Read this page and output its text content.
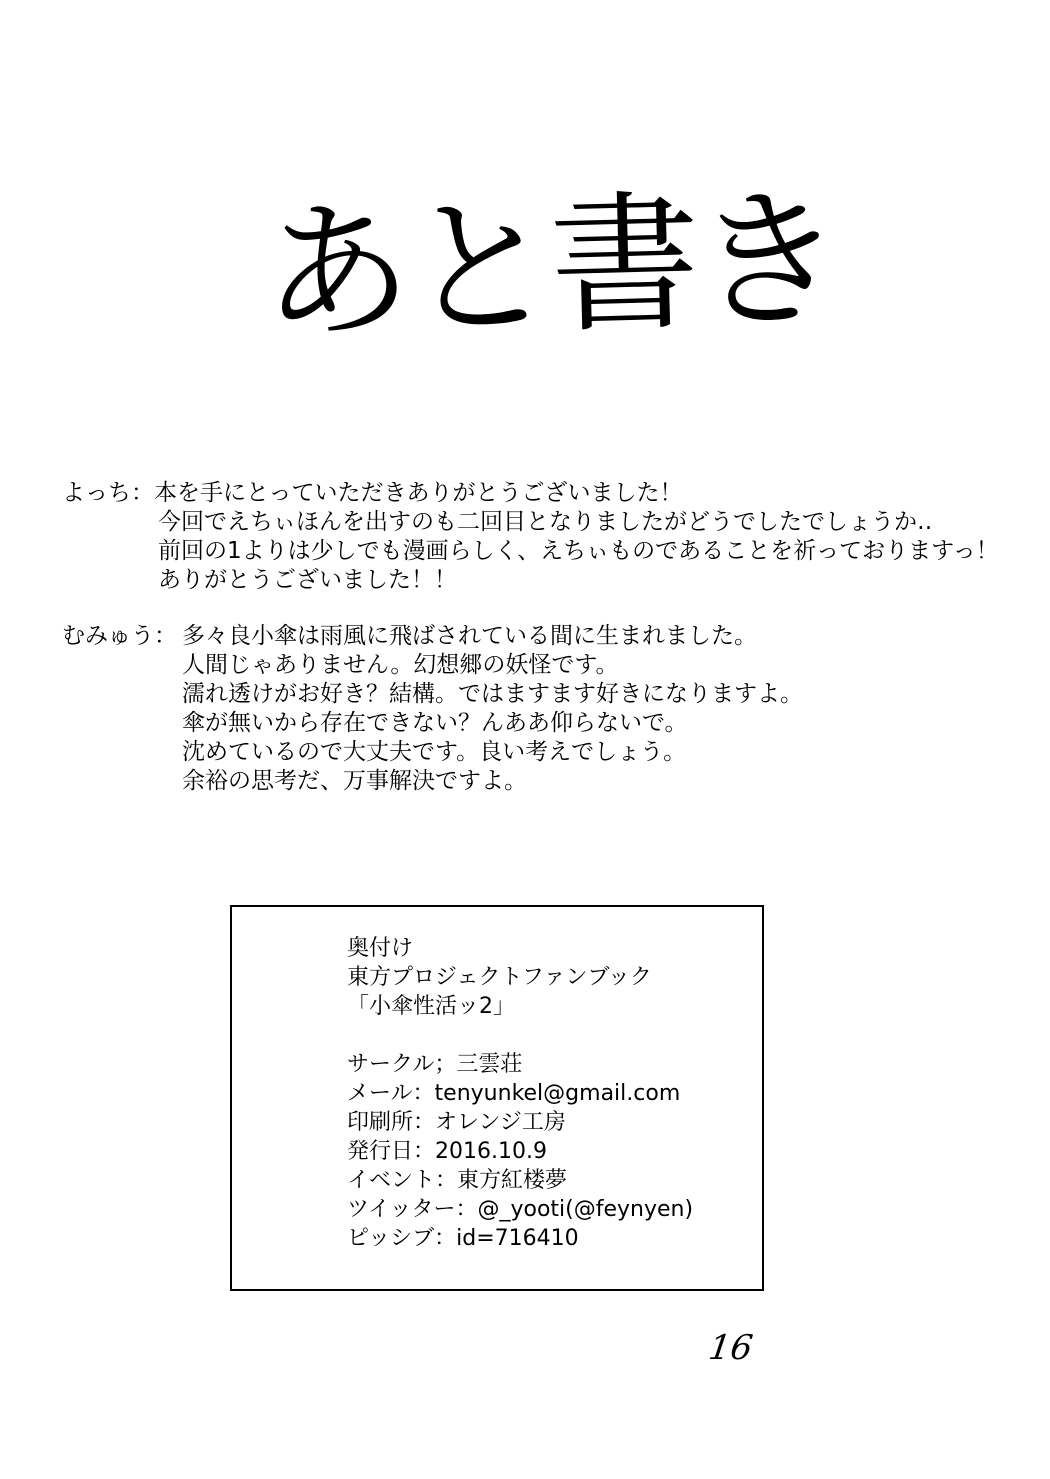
あと書き
よっち： 本を手にとっていただきありがとうございました！
今回でえちぃほんを出すのも二回目となりましたがどうでしたでしょうか‥
前回の1よりは少しでも漫画らしく、えちぃものであることを祈っておりますっ！
ありがとうございました！！
むみゅう： 多々良小傘は雨風に飛ばされている間に生まれました。
人間じゃありません。幻想郷の妖怪です。
濡れ透けがお好き？結構。ではますます好きになりますよ。
傘が無いから存在できない？んああ仰らないで。
沈めているので大丈夫です。良い考えでしょう。
余裕の思考だ、万事解決ですよ。
奥付け
東方プロジェクトファンブック
「小傘性活ッ2」
サークル；三雲荘
メール：tenyunkel@gmail.com
印刷所：オレンジ工房
発行日：2016.10.9
イベント：東方紅楼夢
ツイッター：@_yooti(@feynyen)
ピッシブ：id=716410
16
